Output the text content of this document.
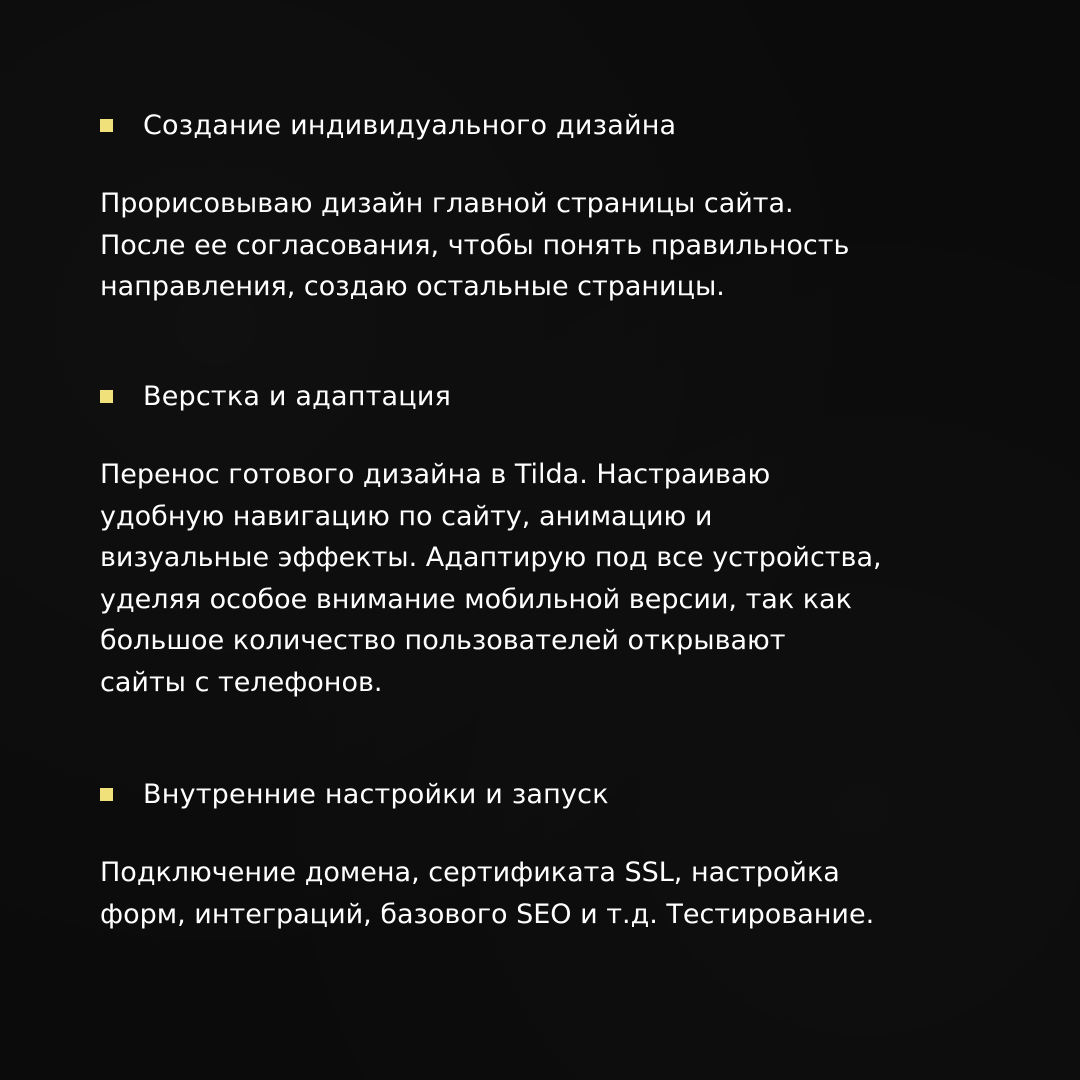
Создание индивидуального дизайна
Прорисовываю дизайн главной страницы сайта.
После ее согласования, чтобы понять правильность
направления, создаю остальные страницы.
Верстка и адаптация
Перенос готового дизайна в Tilda. Настраиваю
удобную навигацию по сайту, анимацию и
визуальные эффекты. Адаптирую под все устройства,
уделяя особое внимание мобильной версии, так как
большое количество пользователей открывают
сайты с телефонов.
Внутренние настройки и запуск
Подключение домена, сертификата SSL, настройка
форм, интеграций, базового SEO и т.д. Тестирование.
